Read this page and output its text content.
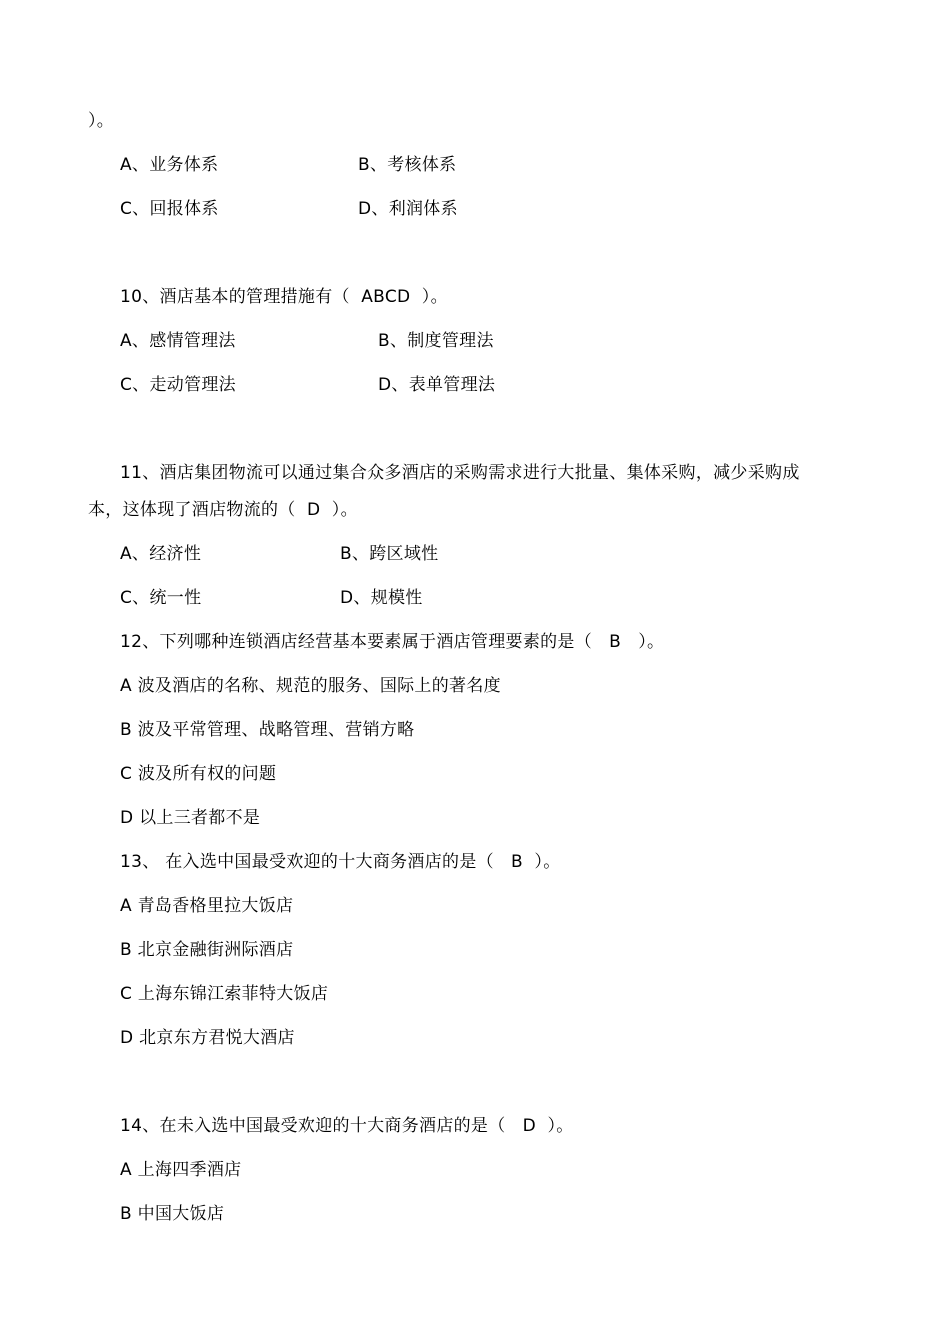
）。
A、业务体系	B、考核体系
C、回报体系	D、利润体系
10、酒店基本的管理措施有（  ABCD  ）。
A、感情管理法	B、制度管理法
C、走动管理法	D、表单管理法
11、酒店集团物流可以通过集合众多酒店的采购需求进行大批量、集体采购，减少采购成
本，这体现了酒店物流的（  D  ）。
A、经济性	B、跨区域性
C、统一性	D、规模性
12、下列哪种连锁酒店经营基本要素属于酒店管理要素的是（   B   ）。
A 波及酒店的名称、规范的服务、国际上的著名度
B 波及平常管理、战略管理、营销方略
C 波及所有权的问题
D 以上三者都不是
13、 在入选中国最受欢迎的十大商务酒店的是（   B  ）。
A 青岛香格里拉大饭店
B 北京金融街洲际酒店
C 上海东锦江索菲特大饭店
D 北京东方君悦大酒店
14、在未入选中国最受欢迎的十大商务酒店的是（   D  ）。
A 上海四季酒店
B 中国大饭店
